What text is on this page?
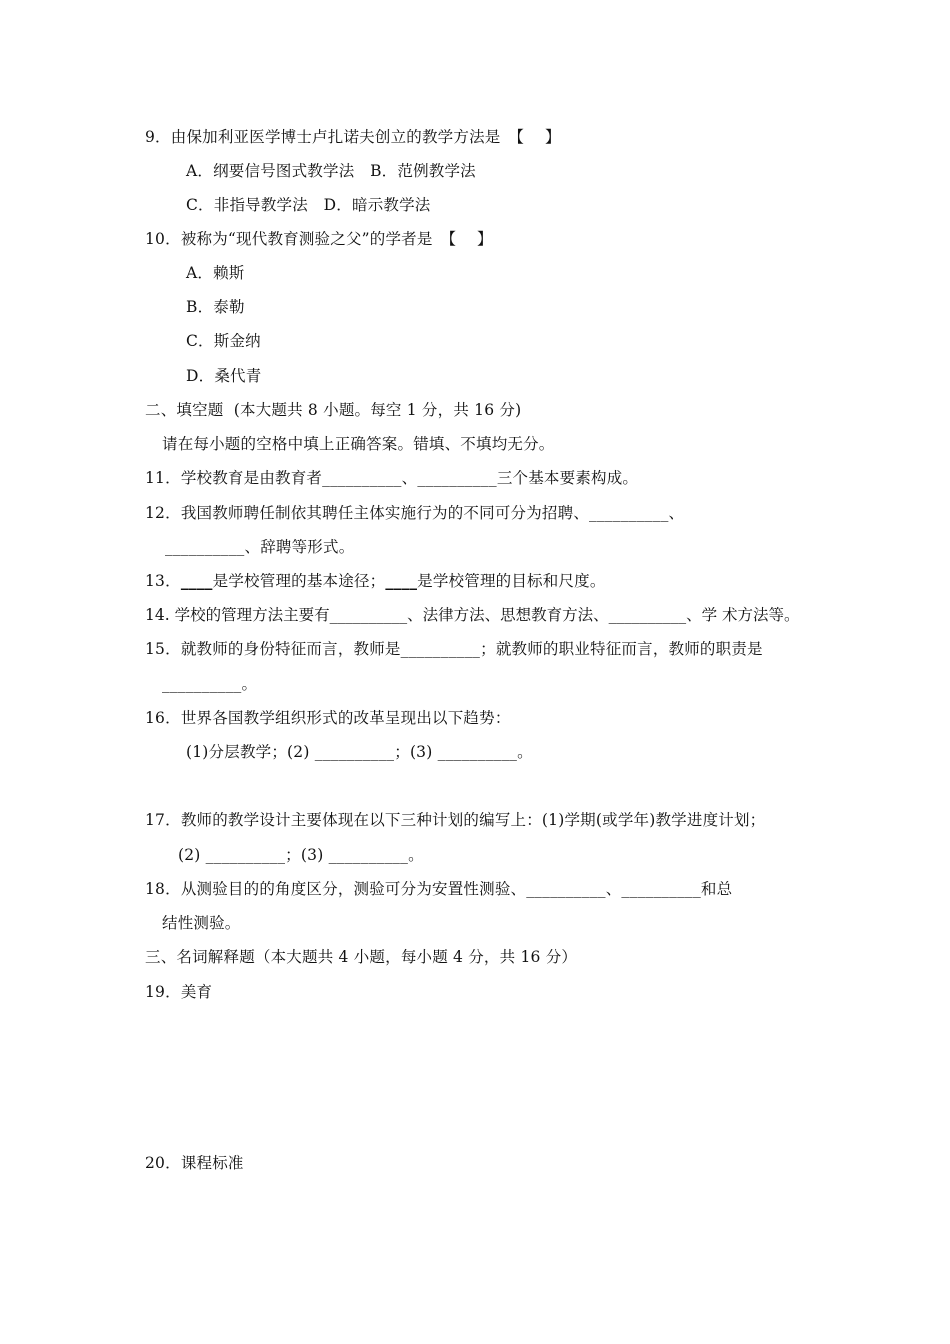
9．由保加利亚医学博士卢扎诺夫创立的教学方法是　【　 】
A．纲要信号图式教学法　B．范例教学法
C．非指导教学法　D．暗示教学法
10．被称为“现代教育测验之父”的学者是　【　 】
A．赖斯
B．泰勒
C．斯金纳
D．桑代青
二、填空题  (本大题共 8 小题。每空 1 分，共 16 分)
请在每小题的空格中填上正确答案。错填、不填均无分。
11．学校教育是由教育者__________、__________三个基本要素构成。
12．我国教师聘任制依其聘任主体实施行为的不同可分为招聘、__________、
__________、辞聘等形式。
13．____是学校管理的基本途径；____是学校管理的目标和尺度。
14. 学校的管理方法主要有__________、法律方法、思想教育方法、__________、学 术方法等。
15．就教师的身份特征而言，教师是__________；就教师的职业特征而言，教师的职责是
__________。
16．世界各国教学组织形式的改革呈现出以下趋势：
(1)分层教学；(2) __________；(3) __________。
17．教师的教学设计主要体现在以下三种计划的编写上：(1)学期(或学年)教学进度计划；
(2) __________；(3) __________。
18．从测验目的的角度区分，测验可分为安置性测验、__________、__________和总
结性测验。
三、名词解释题（本大题共 4 小题，每小题 4 分，共 16 分）
19．美育
20．课程标准
